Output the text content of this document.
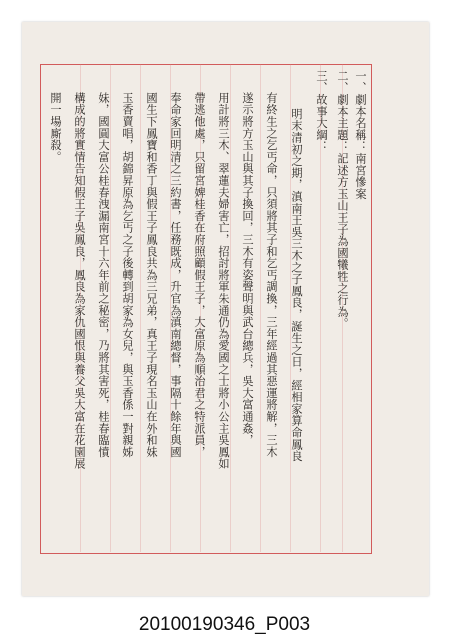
一、劇本名稱：南宮慘案
二、劇本主題：記述方玉山王子為國犧牲之行為。
三、故事大綱：
明末清初之期，滇南王吳三木之子鳳良，誕生之日，經相家算命鳳良
有終生之乞丐命，只須將其子和乞丐調換，三年經過其惡運將解，三木
遂示將方玉山與其子換回，三木有姿聲明與武台總兵，吳大富通姦，
用計將三木、翠蓮夫婦害亡，招討將軍朱通仍為愛國之士將小公主吳鳳如
帶逃他處，只留宮婢桂香在府照顧假王子，大富原為順治君之特派員，
奉命家回明清之三約書，任務既成，升官為滇南總督，事隔十餘年與國
國生下鳳寶和香丁與假王子鳳良共為三兄弟，真王子現名玉山在外和妹
玉香賣唱，胡錦昇原為乞丐之子後轉到胡家為女兒，與玉香係一對親姊
妹，國圓大富公桂春洩漏南宮十六年前之秘密，乃將其害死，桂春臨憤
構成的將實情告知假王子吳鳳良，鳳良為家仇國恨與養父吳大富在花園展
開一場廝殺。
20100190346_P003
